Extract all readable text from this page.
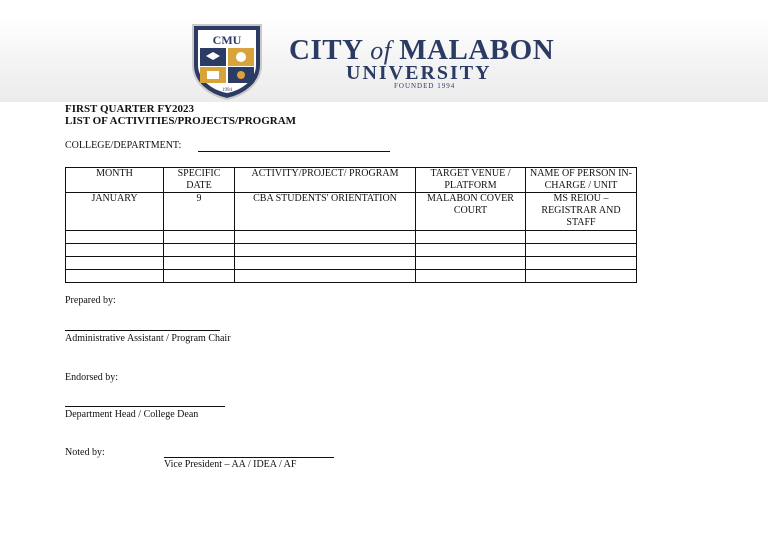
CMU
1994
CITY of MALABON
UNIVERSITY
FOUNDED 1994
FIRST QUARTER FY2023
LIST OF ACTIVITIES/PROJECTS/PROGRAM
COLLEGE/DEPARTMENT:
MONTH	SPECIFIC DATE	ACTIVITY/PROJECT/ PROGRAM	TARGET VENUE / PLATFORM	NAME OF PERSON IN-CHARGE / UNIT
JANUARY	9	CBA STUDENTS' ORIENTATION	MALABON COVER COURT	MS REIOU – REGISTRAR AND STAFF

Prepared by:
Administrative Assistant / Program Chair
Endorsed by:
Department Head / College Dean
Noted by:
Vice President – AA / IDEA / AF
